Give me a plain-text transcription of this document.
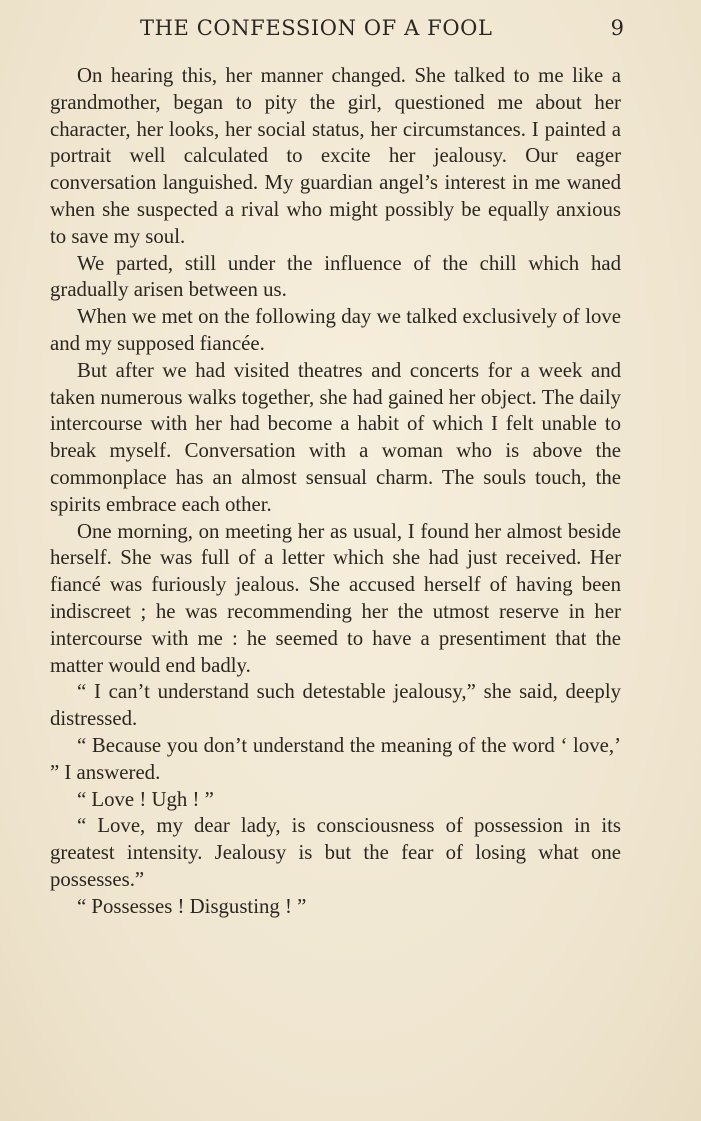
THE CONFESSION OF A FOOL	9

On hearing this, her manner changed. She talked to me like a grandmother, began to pity the girl, questioned me about her character, her looks, her social status, her circumstances. I painted a portrait well calculated to excite her jealousy. Our eager conversation languished. My guardian angel’s interest in me waned when she suspected a rival who might possibly be equally anxious to save my soul.

We parted, still under the influence of the chill which had gradually arisen between us.

When we met on the following day we talked exclusively of love and my supposed fiancée.

But after we had visited theatres and concerts for a week and taken numerous walks together, she had gained her object. The daily intercourse with her had become a habit of which I felt unable to break myself. Conversation with a woman who is above the commonplace has an almost sensual charm. The souls touch, the spirits embrace each other.

One morning, on meeting her as usual, I found her almost beside herself. She was full of a letter which she had just received. Her fiancé was furiously jealous. She accused herself of having been indiscreet ; he was recommending her the utmost reserve in her intercourse with me : he seemed to have a presentiment that the matter would end badly.

“ I can’t understand such detestable jealousy,” she said, deeply distressed.

“ Because you don’t understand the meaning of the word ‘ love,’ ” I answered.

“ Love ! Ugh ! ”

“ Love, my dear lady, is consciousness of possession in its greatest intensity. Jealousy is but the fear of losing what one possesses.”

“ Possesses ! Disgusting ! ”
